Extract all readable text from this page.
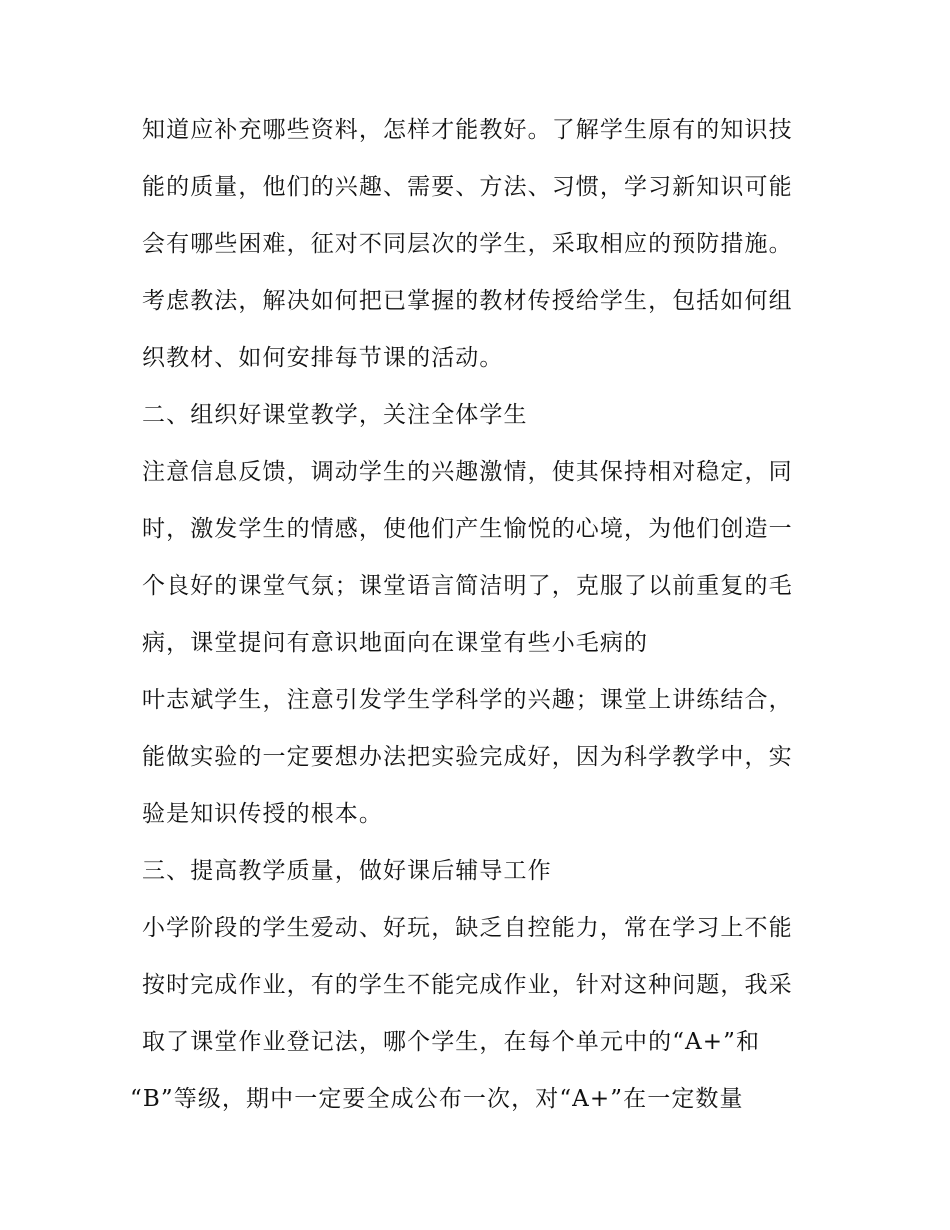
知道应补充哪些资料，怎样才能教好。了解学生原有的知识技
能的质量，他们的兴趣、需要、方法、习惯，学习新知识可能
会有哪些困难，征对不同层次的学生，采取相应的预防措施。
考虑教法，解决如何把已掌握的教材传授给学生，包括如何组
织教材、如何安排每节课的活动。
二、组织好课堂教学，关注全体学生
注意信息反馈，调动学生的兴趣激情，使其保持相对稳定，同
时，激发学生的情感，使他们产生愉悦的心境，为他们创造一
个良好的课堂气氛；课堂语言简洁明了，克服了以前重复的毛
病，课堂提问有意识地面向在课堂有些小毛病的
叶志斌学生，注意引发学生学科学的兴趣；课堂上讲练结合，
能做实验的一定要想办法把实验完成好，因为科学教学中，实
验是知识传授的根本。
三、提高教学质量，做好课后辅导工作
小学阶段的学生爱动、好玩，缺乏自控能力，常在学习上不能
按时完成作业，有的学生不能完成作业，针对这种问题，我采
取了课堂作业登记法，哪个学生，在每个单元中的“A+”和
“B”等级，期中一定要全成公布一次，对“A+”在一定数量
